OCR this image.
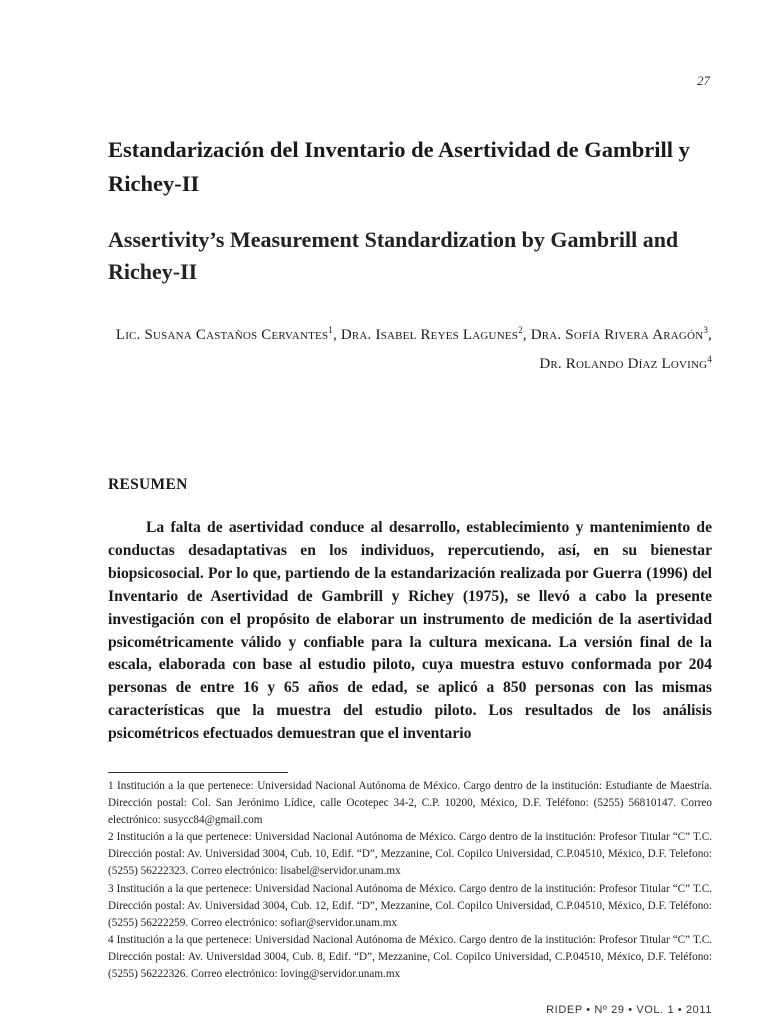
27
Estandarización del Inventario de Asertividad de Gambrill y Richey-II
Assertivity’s Measurement Standardization by Gambrill and Richey-II
Lic. Susana Castaños Cervantes$^1$, Dra. Isabel Reyes Lagunes$^2$, Dra. Sofía Rivera Aragón$^3$, Dr. Rolando Díaz Loving$^4$
RESUMEN

La falta de asertividad conduce al desarrollo, establecimiento y mantenimiento de conductas desadaptativas en los individuos, repercutiendo, así, en su bienestar biopsicosocial. Por lo que, partiendo de la estandarización realizada por Guerra (1996) del Inventario de Asertividad de Gambrill y Richey (1975), se llevó a cabo la presente investigación con el propósito de elaborar un instrumento de medición de la asertividad psicométricamente válido y confiable para la cultura mexicana. La versión final de la escala, elaborada con base al estudio piloto, cuya muestra estuvo conformada por 204 personas de entre 16 y 65 años de edad, se aplicó a 850 personas con las mismas características que la muestra del estudio piloto. Los resultados de los análisis psicométricos efectuados demuestran que el inventario

1 Institución a la que pertenece: Universidad Nacional Autónoma de México. Cargo dentro de la institución: Estudiante de Maestría. Dirección postal: Col. San Jerónimo Lídice, calle Ocotepec 34-2, C.P. 10200, México, D.F. Teléfono: (5255) 56810147. Correo electrónico: susycc84@gmail.com

2 Institución a la que pertenece: Universidad Nacional Autónoma de México. Cargo dentro de la institución: Profesor Titular “C” T.C. Dirección postal: Av. Universidad 3004, Cub. 10, Edif. “D”, Mezzanine, Col. Copilco Universidad, C.P.04510, México, D.F. Telefono: (5255) 56222323. Correo electrónico: lisabel@servidor.unam.mx

3 Institución a la que pertenece: Universidad Nacional Autónoma de México. Cargo dentro de la institución: Profesor Titular “C” T.C. Dirección postal: Av. Universidad 3004, Cub. 12, Edif. “D”, Mezzanine, Col. Copilco Universidad, C.P.04510, México, D.F. Teléfono: (5255) 56222259. Correo electrónico: sofiar@servidor.unam.mx

4 Institución a la que pertenece: Universidad Nacional Autónoma de México. Cargo dentro de la institución: Profesor Titular “C” T.C. Dirección postal: Av. Universidad 3004, Cub. 8, Edif. “D”, Mezzanine, Col. Copilco Universidad, C.P.04510, México, D.F. Teléfono: (5255) 56222326. Correo electrónico: loving@servidor.unam.mx

RIDEP • Nº 29 • VOL. 1 • 2011
